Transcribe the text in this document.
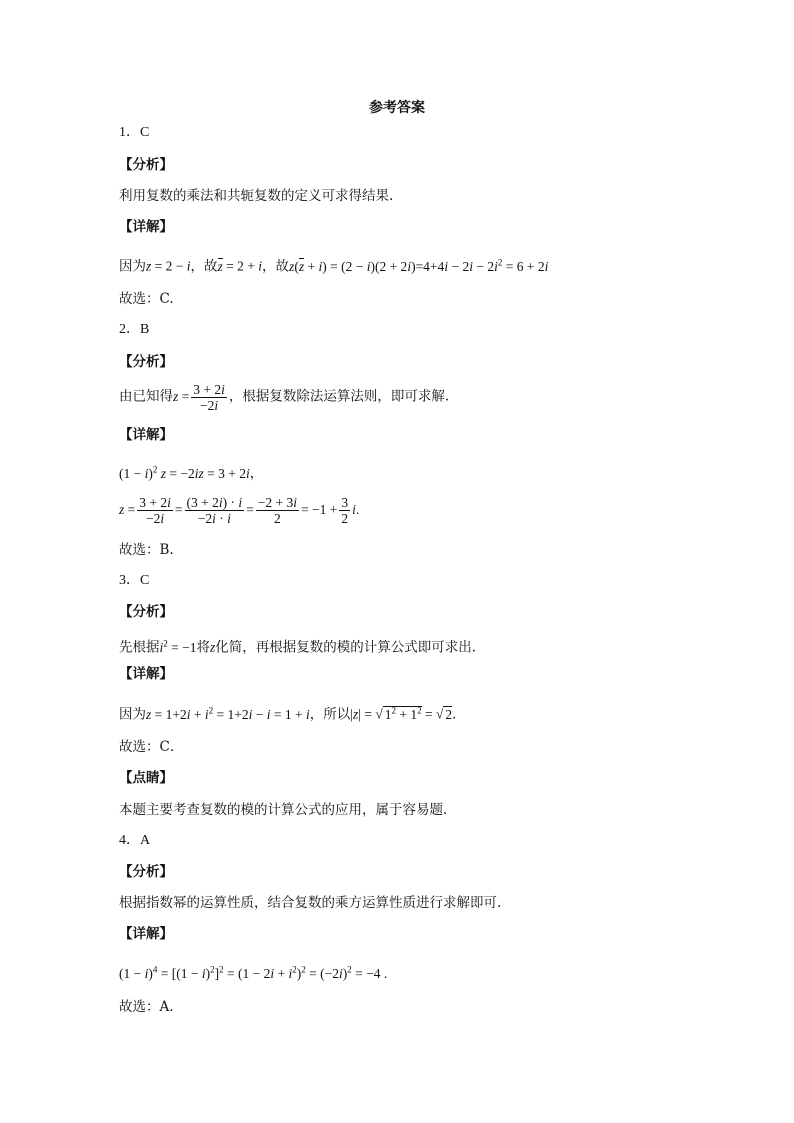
参考答案
1．C
【分析】
利用复数的乘法和共轭复数的定义可求得结果.
【详解】
因为z = 2 − i，故z = 2 + i，故$z(z + i) = (2 - i)(2 + 2i)=4+4i - 2i - 2i^2 = 6 + 2i$
故选：C.
2．B
【分析】
由已知得$z = \frac{3 + 2i}{-2i}$ ，根据复数除法运算法则，即可求解.
【详解】
$(1 - i)^2$ z = −2iz = 3 + 2i，
$z = \frac{3 + 2i}{-2i} = \frac{(3 + 2i) \cdot i}{-2i \cdot i} = \frac{-2 + 3i}{2} = -1 + \frac{3}{2} i$.
故选：B.
3．C
【分析】
先根据$i^2 = -1$将z化简，再根据复数的模的计算公式即可求出．
【详解】
因为$z = 1+2i + i^2 = 1+2i - i = 1 + i$，所以|z| = √ $1^2 + 1^2$ = √ 2．
故选：C．
【点睛】
本题主要考查复数的模的计算公式的应用，属于容易题．
4．A
【分析】
根据指数幂的运算性质，结合复数的乘方运算性质进行求解即可.
【详解】
$(1 - i)^4 = [(1 - i)^2]^2 = (1 - 2i + i^2)^2 = (-2i)^2 = -4$ .
故选：A.
